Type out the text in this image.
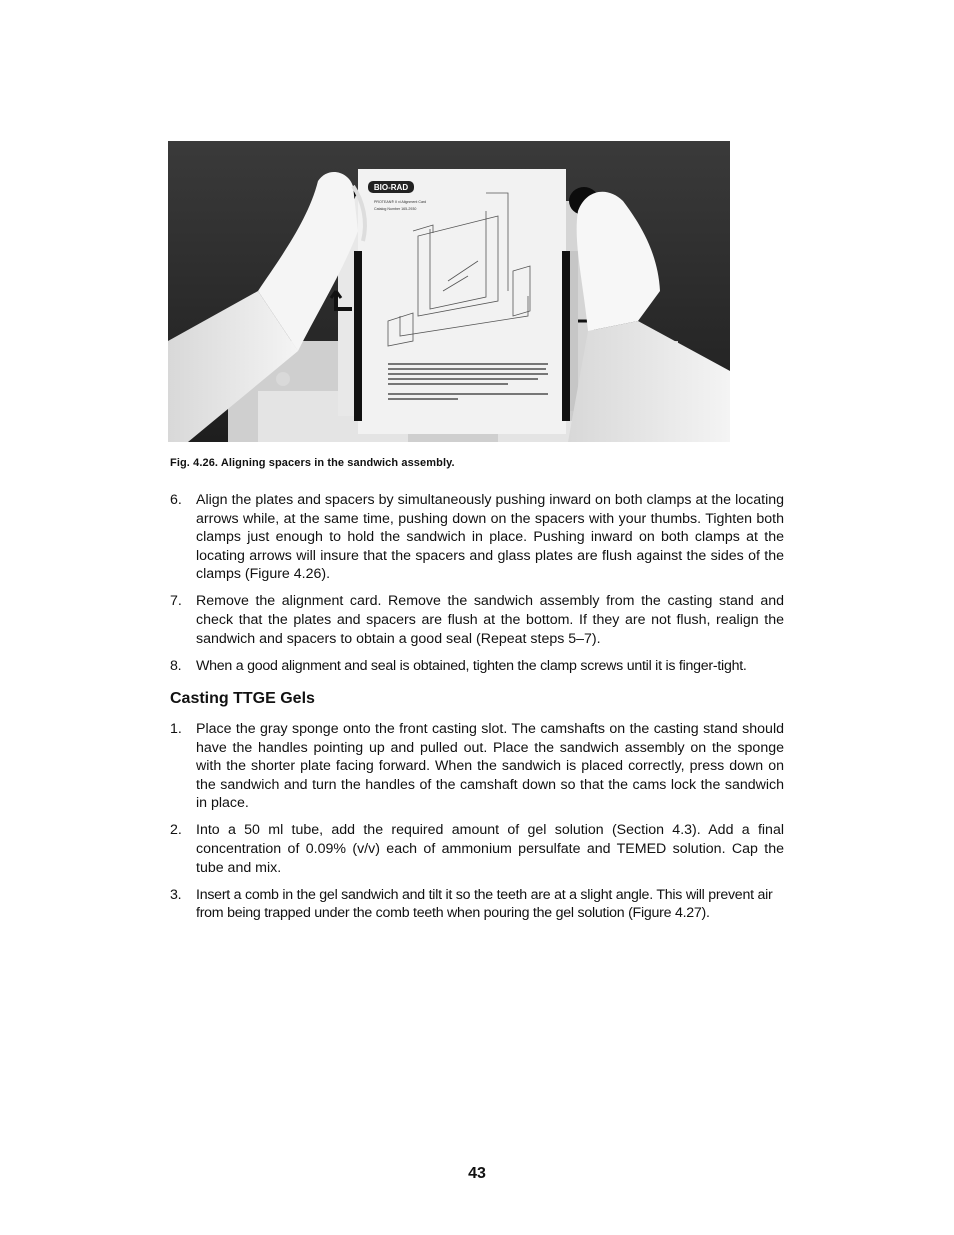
BIO-RAD
PROTEAN® II xi Alignment Card
Catalog Number 165-2930
Fig. 4.26. Aligning spacers in the sandwich assembly.

6. Align the plates and spacers by simultaneously pushing inward on both clamps at the locating arrows while, at the same time, pushing down on the spacers with your thumbs. Tighten both clamps just enough to hold the sandwich in place. Pushing inward on both clamps at the locating arrows will insure that the spacers and glass plates are flush against the sides of the clamps (Figure 4.26).

7. Remove the alignment card. Remove the sandwich assembly from the casting stand and check that the plates and spacers are flush at the bottom. If they are not flush, realign the sandwich and spacers to obtain a good seal (Repeat steps 5–7).

8. When a good alignment and seal is obtained, tighten the clamp screws until it is finger-tight.

Casting TTGE Gels

1. Place the gray sponge onto the front casting slot. The camshafts on the casting stand should have the handles pointing up and pulled out. Place the sandwich assembly on the sponge with the shorter plate facing forward. When the sandwich is placed correctly, press down on the sandwich and turn the handles of the camshaft down so that the cams lock the sandwich in place.

2. Into a 50 ml tube, add the required amount of gel solution (Section 4.3). Add a final concentration of 0.09% (v/v) each of ammonium persulfate and TEMED solution. Cap the tube and mix.

3. Insert a comb in the gel sandwich and tilt it so the teeth are at a slight angle. This will prevent air from being trapped under the comb teeth when pouring the gel solution (Figure 4.27).

43
